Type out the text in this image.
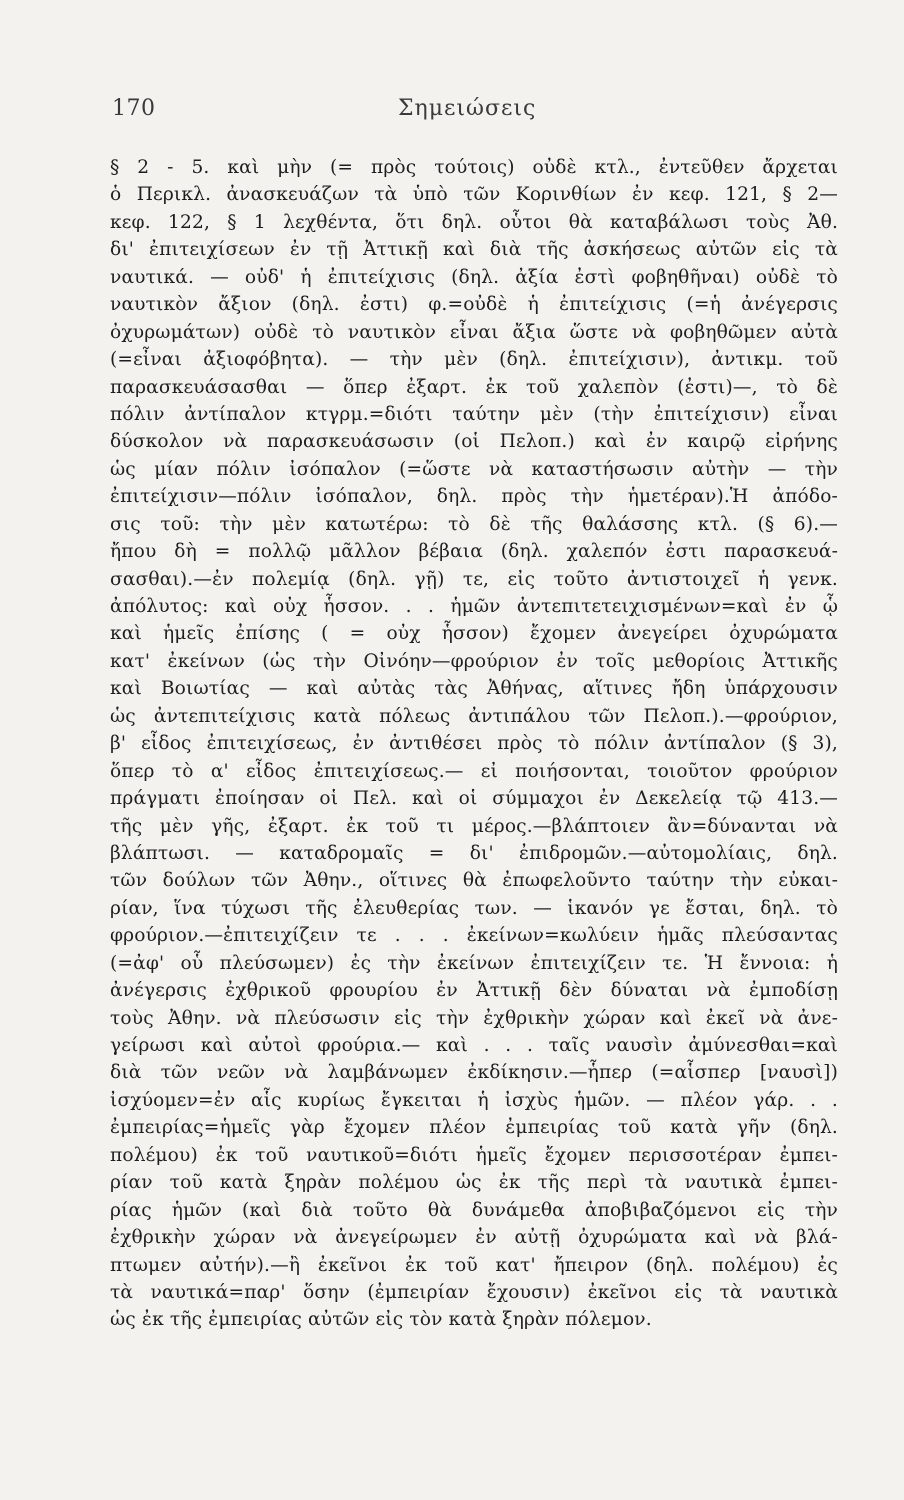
170	Σημειώσεις
§ 2 - 5. καὶ μὴν (= πρὸς τούτοις) οὐδὲ κτλ., ἐντεῦθεν ἄρχεται
ὁ Περικλ. ἀνασκευάζων τὰ ὑπὸ τῶν Κορινθίων ἐν κεφ. 121, § 2—
κεφ. 122, § 1 λεχθέντα, ὅτι δηλ. οὗτοι θὰ καταβάλωσι τοὺς Ἀθ.
δι' ἐπιτειχίσεων ἐν τῇ Ἀττικῇ καὶ διὰ τῆς ἀσκήσεως αὐτῶν εἰς τὰ
ναυτικά. — οὐδ' ἡ ἐπιτείχισις (δηλ. ἀξία ἐστὶ φοβηθῆναι) οὐδὲ τὸ
ναυτικὸν ἄξιον (δηλ. ἐστι) φ.=οὐδὲ ἡ ἐπιτείχισις (=ἡ ἀνέγερσις
ὀχυρωμάτων) οὐδὲ τὸ ναυτικὸν εἶναι ἄξια ὥστε νὰ φοβηθῶμεν αὐτὰ
(=εἶναι ἀξιοφόβητα). — τὴν μὲν (δηλ. ἐπιτείχισιν), ἀντικμ. τοῦ
παρασκευάσασθαι — ὅπερ ἐξαρτ. ἐκ τοῦ χαλεπὸν (ἐστι)—, τὸ δὲ
πόλιν ἀντίπαλον κτγρμ.=διότι ταύτην μὲν (τὴν ἐπιτείχισιν) εἶναι
δύσκολον νὰ παρασκευάσωσιν (οἱ Πελοπ.) καὶ ἐν καιρῷ εἰρήνης
ὡς μίαν πόλιν ἰσόπαλον (=ὥστε νὰ καταστήσωσιν αὐτὴν — τὴν
ἐπιτείχισιν—πόλιν ἰσόπαλον, δηλ. πρὸς τὴν ἡμετέραν).Ἡ ἀπόδο-
σις τοῦ: τὴν μὲν κατωτέρω: τὸ δὲ τῆς θαλάσσης κτλ. (§ 6).—
ἤπου δὴ = πολλῷ μᾶλλον βέβαια (δηλ. χαλεπόν ἐστι παρασκευά-
σασθαι).—ἐν πολεμίᾳ (δηλ. γῇ) τε, εἰς τοῦτο ἀντιστοιχεῖ ἡ γενκ.
ἀπόλυτος: καὶ οὐχ ἧσσον. . . ἡμῶν ἀντεπιτετειχισμένων=καὶ ἐν ᾧ
καὶ ἡμεῖς ἐπίσης ( = οὐχ ἧσσον) ἔχομεν ἀνεγείρει ὀχυρώματα
κατ' ἐκείνων (ὡς τὴν Οἰνόην—φρούριον ἐν τοῖς μεθορίοις Ἀττικῆς
καὶ Βοιωτίας — καὶ αὐτὰς τὰς Ἀθήνας, αἵτινες ἤδη ὑπάρχουσιν
ὡς ἀντεπιτείχισις κατὰ πόλεως ἀντιπάλου τῶν Πελοπ.).—φρούριον,
β' εἶδος ἐπιτειχίσεως, ἐν ἀντιθέσει πρὸς τὸ πόλιν ἀντίπαλον (§ 3),
ὅπερ τὸ α' εἶδος ἐπιτειχίσεως.— εἰ ποιήσονται, τοιοῦτον φρούριον
πράγματι ἐποίησαν οἱ Πελ. καὶ οἱ σύμμαχοι ἐν Δεκελείᾳ τῷ 413.—
τῆς μὲν γῆς, ἐξαρτ. ἐκ τοῦ τι μέρος.—βλάπτοιεν ἂν=δύνανται νὰ
βλάπτωσι. — καταδρομαῖς = δι' ἐπιδρομῶν.—αὐτομολίαις, δηλ.
τῶν δούλων τῶν Ἀθην., οἵτινες θὰ ἐπωφελοῦντο ταύτην τὴν εὐκαι-
ρίαν, ἵνα τύχωσι τῆς ἐλευθερίας των. — ἱκανόν γε ἔσται, δηλ. τὸ
φρούριον.—ἐπιτειχίζειν τε . . . ἐκείνων=κωλύειν ἡμᾶς πλεύσαντας
(=ἀφ' οὗ πλεύσωμεν) ἐς τὴν ἐκείνων ἐπιτειχίζειν τε. Ἡ ἔννοια: ἡ
ἀνέγερσις ἐχθρικοῦ φρουρίου ἐν Ἀττικῇ δὲν δύναται νὰ ἐμποδίσῃ
τοὺς Ἀθην. νὰ πλεύσωσιν εἰς τὴν ἐχθρικὴν χώραν καὶ ἐκεῖ νὰ ἀνε-
γείρωσι καὶ αὐτοὶ φρούρια.— καὶ . . . ταῖς ναυσὶν ἀμύνεσθαι=καὶ
διὰ τῶν νεῶν νὰ λαμβάνωμεν ἐκδίκησιν.—ἧπερ (=αἷσπερ [ναυσὶ])
ἰσχύομεν=ἐν αἷς κυρίως ἔγκειται ἡ ἰσχὺς ἡμῶν. — πλέον γάρ. . .
ἐμπειρίας=ἡμεῖς γὰρ ἔχομεν πλέον ἐμπειρίας τοῦ κατὰ γῆν (δηλ.
πολέμου) ἐκ τοῦ ναυτικοῦ=διότι ἡμεῖς ἔχομεν περισσοτέραν ἐμπει-
ρίαν τοῦ κατὰ ξηρὰν πολέμου ὡς ἐκ τῆς περὶ τὰ ναυτικὰ ἐμπει-
ρίας ἡμῶν (καὶ διὰ τοῦτο θὰ δυνάμεθα ἀποβιβαζόμενοι εἰς τὴν
ἐχθρικὴν χώραν νὰ ἀνεγείρωμεν ἐν αὐτῇ ὀχυρώματα καὶ νὰ βλά-
πτωμεν αὐτήν).—ἢ ἐκεῖνοι ἐκ τοῦ κατ' ἤπειρον (δηλ. πολέμου) ἐς
τὰ ναυτικά=παρ' ὅσην (ἐμπειρίαν ἔχουσιν) ἐκεῖνοι εἰς τὰ ναυτικὰ
ὡς ἐκ τῆς ἐμπειρίας αὐτῶν εἰς τὸν κατὰ ξηρὰν πόλεμον.
